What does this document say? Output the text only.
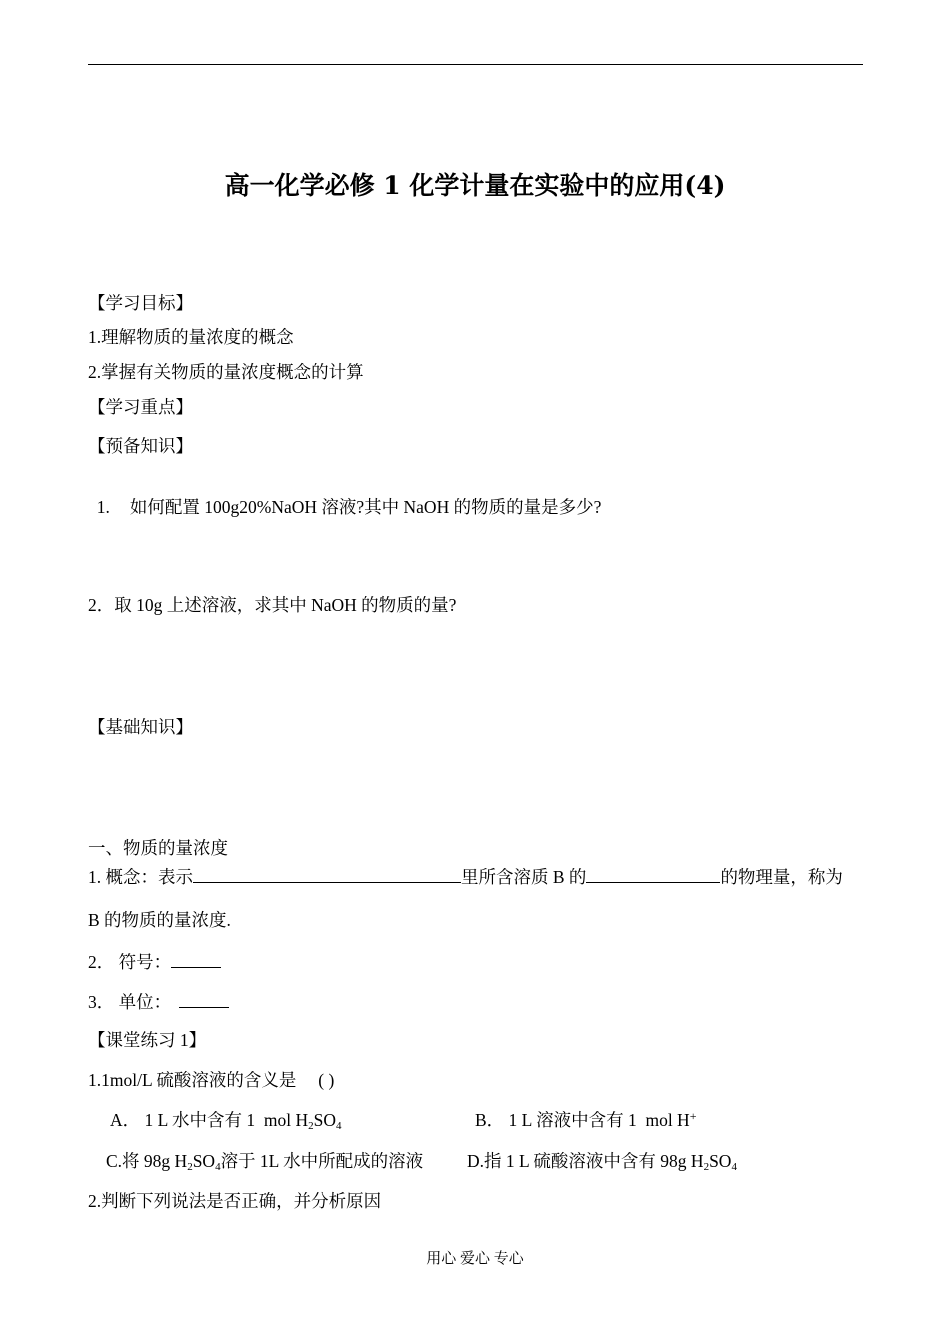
高一化学必修 1 化学计量在实验中的应用(4)
【学习目标】
1.理解物质的量浓度的概念
2.掌握有关物质的量浓度概念的计算
【学习重点】
【预备知识】

1. 如何配置 100g20%NaOH 溶液?其中 NaOH 的物质的量是多少?

2．取 10g 上述溶液，求其中 NaOH 的物质的量?
【基础知识】
一、物质的量浓度
1. 概念：表示	里所含溶质 B 的	的物理量，称为
B 的物质的量浓度.
2． 符号：
3． 单位：
【课堂练习 1】
1.1mol/L 硫酸溶液的含义是 　( )
A． 1 L 水中含有 1  mol $H_2SO_4$	B． 1 L 溶液中含有 1  mol H+
C.将 98g $H_2SO_4$溶于 1L 水中所配成的溶液	D.指 1 L 硫酸溶液中含有 98g $H_2SO_4$
2.判断下列说法是否正确，并分析原因
用心 爱心 专心
